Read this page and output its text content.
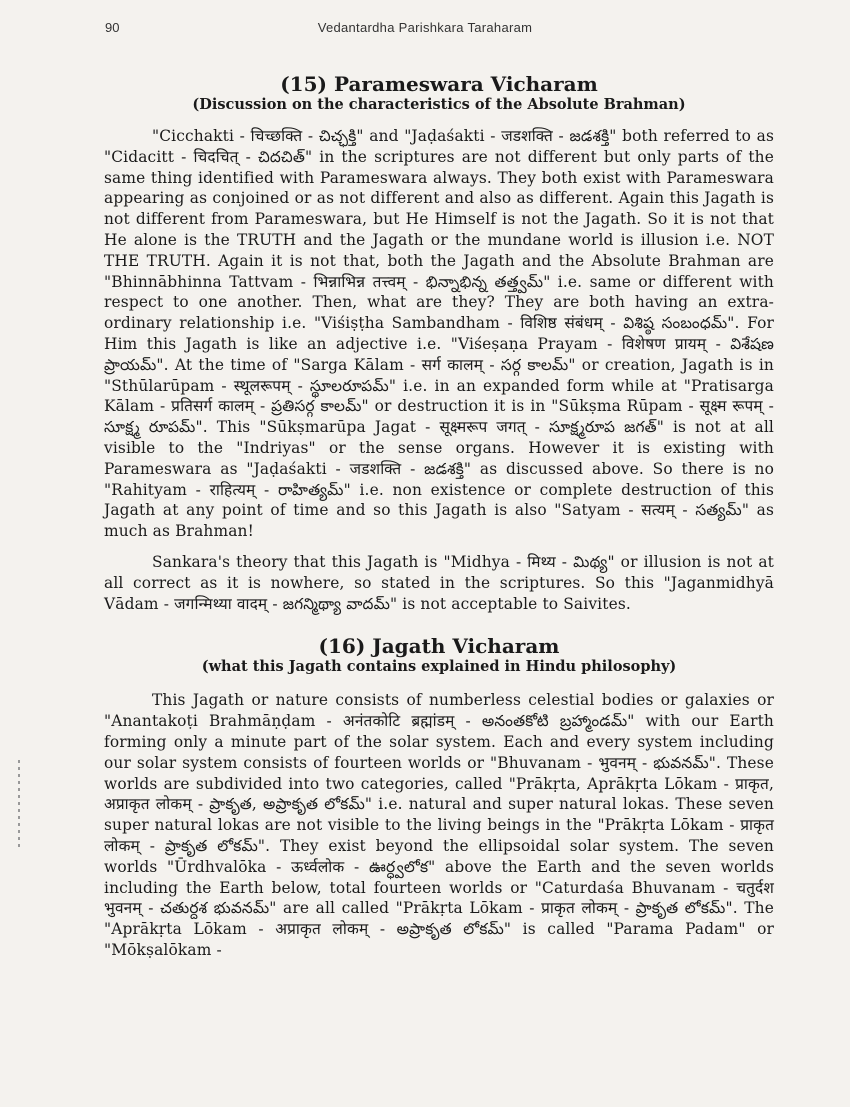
90	Vedantardha Parishkara Taraharam
(15) Parameswara Vicharam
(Discussion on the characteristics of the Absolute Brahman)

"Cicchakti - चिच्छक्ति - చిచ్ఛక్తి" and "Jaḍaśakti - जडशक्ति - జడశక్తి" both referred to as "Cidacitt - चिदचित् - చిదచిత్" in the scriptures are not different but only parts of the same thing identified with Parameswara always. They both exist with Parameswara appearing as conjoined or as not different and also as different. Again this Jagath is not different from Parameswara, but He Himself is not the Jagath. So it is not that He alone is the TRUTH and the Jagath or the mundane world is illusion i.e. NOT THE TRUTH. Again it is not that, both the Jagath and the Absolute Brahman are "Bhinnābhinna Tattvam - भिन्नाभिन्न तत्त्वम् - భిన్నాభిన్న తత్త్వమ్" i.e. same or different with respect to one another. Then, what are they? They are both having an extra-ordinary relationship i.e. "Viśiṣṭha Sambandham - विशिष्ठ संबंधम् - విశిష్ఠ సంబంధమ్". For Him this Jagath is like an adjective i.e. "Viśeṣaṇa Prayam - विशेषण प्रायम् - విశేషణ ప్రాయమ్". At the time of "Sarga Kālam - सर्ग कालम् - సర్గ కాలమ్" or creation, Jagath is in "Sthūlarūpam - स्थूलरूपम् - స్థూలరూపమ్" i.e. in an expanded form while at "Pratisarga Kālam - प्रतिसर्ग कालम् - ప్రతిసర్గ కాలమ్" or destruction it is in "Sūkṣma Rūpam - सूक्ष्म रूपम् - సూక్ష్మ రూపమ్". This "Sūkṣmarūpa Jagat - सूक्ष्मरूप जगत् - సూక్ష్మరూప జగత్" is not at all visible to the "Indriyas" or the sense organs. However it is existing with Parameswara as "Jaḍaśakti - जडशक्ति - జడశక్తి" as discussed above. So there is no "Rahityam - राहित्यम् - రాహిత్యమ్" i.e. non existence or complete destruction of this Jagath at any point of time and so this Jagath is also "Satyam - सत्यम् - సత్యమ్" as much as Brahman!

Sankara's theory that this Jagath is "Midhya - मिथ्य - మిథ్య" or illusion is not at all correct as it is nowhere, so stated in the scriptures. So this "Jaganmidhyā Vādam - जगन्मिथ्या वादम् - జగన్మిథ్యా వాదమ్" is not acceptable to Saivites.

(16) Jagath Vicharam
(what this Jagath contains explained in Hindu philosophy)

This Jagath or nature consists of numberless celestial bodies or galaxies or "Anantakoṭi Brahmāṇḍam - अनंतकोटि ब्रह्मांडम् - అనంతకోటి బ్రహ్మాండమ్" with our Earth forming only a minute part of the solar system. Each and every system including our solar system consists of fourteen worlds or "Bhuvanam - भुवनम् - భువనమ్". These worlds are subdivided into two categories, called "Prākṛta, Aprākṛta Lōkam - प्राकृत, अप्राकृत लोकम् - ప్రాకృత, అప్రాకృత లోకమ్" i.e. natural and super natural lokas. These seven super natural lokas are not visible to the living beings in the "Prākṛta Lōkam - प्राकृत लोकम् - ప్రాకృత లోకమ్". They exist beyond the ellipsoidal solar system. The seven worlds "Ūrdhvalōka - ऊर्ध्वलोक - ఊర్ధ్వలోక" above the Earth and the seven worlds including the Earth below, total fourteen worlds or "Caturdaśa Bhuvanam - चतुर्दश भुवनम् - చతుర్దశ భువనమ్" are all called "Prākṛta Lōkam - प्राकृत लोकम् - ప్రాకృత లోకమ్". The "Aprākṛta Lōkam - अप्राकृत लोकम् - అప్రాకృత లోకమ్" is called "Parama Padam" or "Mōkṣalōkam -
